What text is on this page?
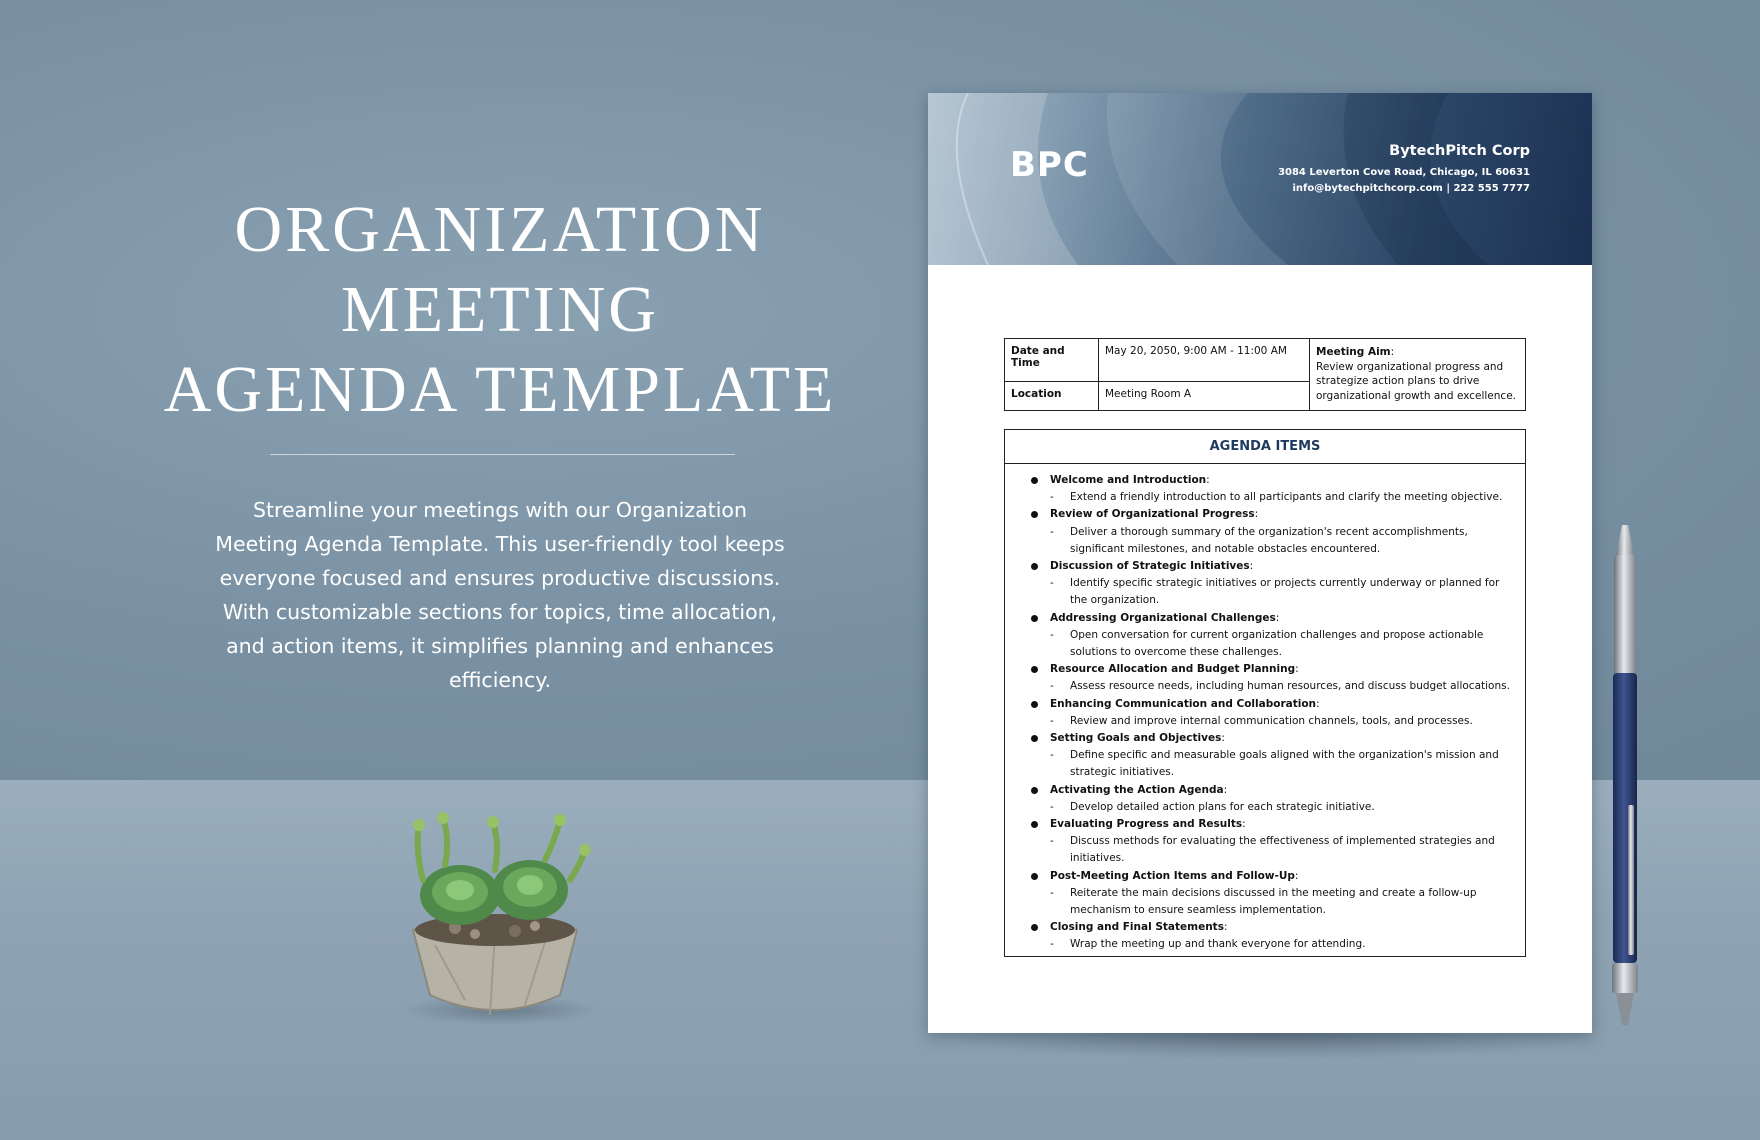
ORGANIZATION
MEETING
AGENDA TEMPLATE
Streamline your meetings with our Organization Meeting Agenda Template. This user-friendly tool keeps everyone focused and ensures productive discussions. With customizable sections for topics, time allocation, and action items, it simplifies planning and enhances efficiency.
BPC	BytechPitch Corp
3084 Leverton Cove Road, Chicago, IL 60631
info@bytechpitchcorp.com | 222 555 7777
Date and Time	May 20, 2050, 9:00 AM - 11:00 AM	Meeting Aim:
Review organizational progress and strategize action plans to drive organizational growth and excellence.
Location	Meeting Room A	
AGENDA ITEMS
Welcome and Introduction:
- Extend a friendly introduction to all participants and clarify the meeting objective.
Review of Organizational Progress:
- Deliver a thorough summary of the organization's recent accomplishments, significant milestones, and notable obstacles encountered.
Discussion of Strategic Initiatives:
- Identify specific strategic initiatives or projects currently underway or planned for the organization.
Addressing Organizational Challenges:
- Open conversation for current organization challenges and propose actionable solutions to overcome these challenges.
Resource Allocation and Budget Planning:
- Assess resource needs, including human resources, and discuss budget allocations.
Enhancing Communication and Collaboration:
- Review and improve internal communication channels, tools, and processes.
Setting Goals and Objectives:
- Define specific and measurable goals aligned with the organization's mission and strategic initiatives.
Activating the Action Agenda:
- Develop detailed action plans for each strategic initiative.
Evaluating Progress and Results:
- Discuss methods for evaluating the effectiveness of implemented strategies and initiatives.
Post-Meeting Action Items and Follow-Up:
- Reiterate the main decisions discussed in the meeting and create a follow-up mechanism to ensure seamless implementation.
Closing and Final Statements:
- Wrap the meeting up and thank everyone for attending.
